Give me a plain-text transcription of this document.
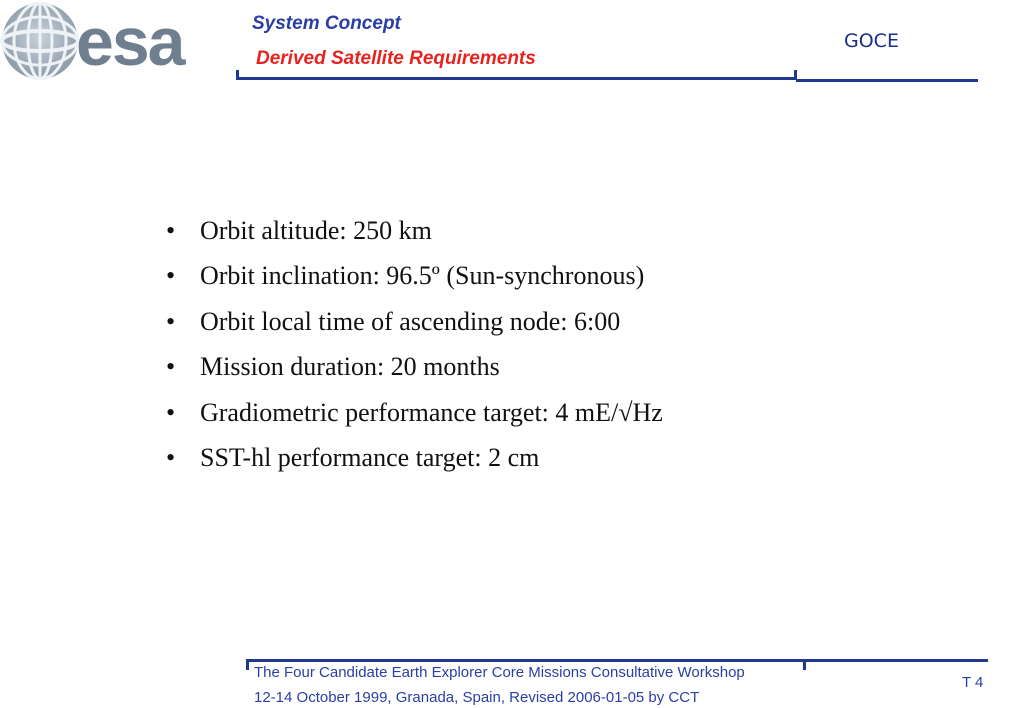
esa	System Concept
Derived Satellite Requirements
GOCE
• Orbit altitude: 250 km
• Orbit inclination: 96.5º (Sun-synchronous)
• Orbit local time of ascending node: 6:00
• Mission duration: 20 months
• Gradiometric performance target: 4 mE/√Hz
• SST-hl performance target: 2 cm
The Four Candidate Earth Explorer Core Missions Consultative Workshop
12-14 October 1999, Granada, Spain, Revised 2006-01-05 by CCT
T 4
